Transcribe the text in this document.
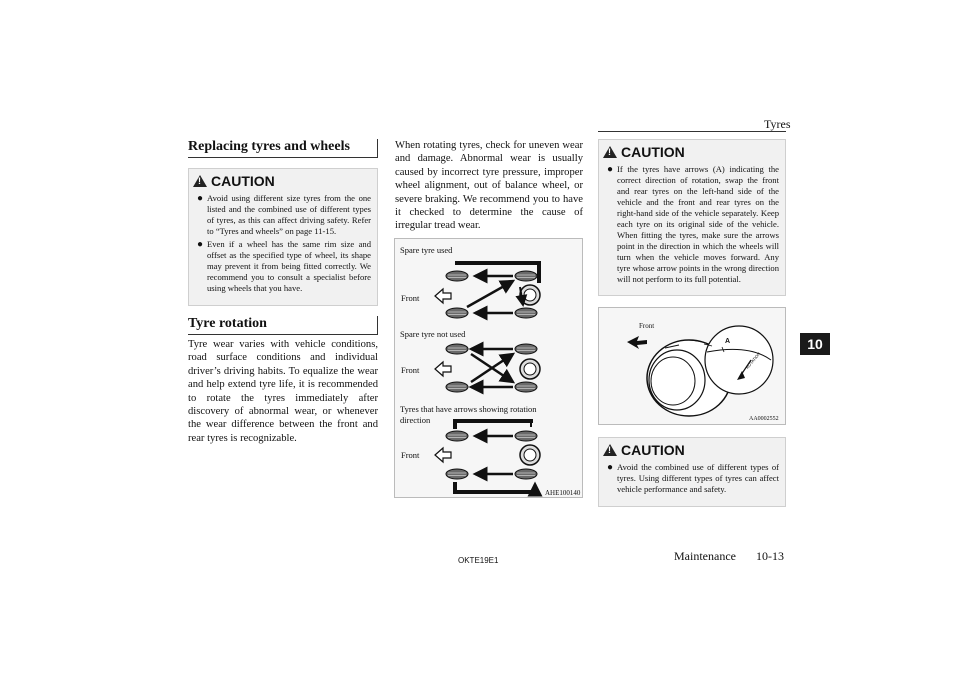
Tyres
Replacing tyres and wheels
!
CAUTION
● Avoid using different size tyres from the one listed and the combined use of different types of tyres, as this can affect driving safety. Refer to “Tyres and wheels” on page 11-15.
● Even if a wheel has the same rim size and offset as the specified type of wheel, its shape may prevent it from being fitted correctly. We recommend you to consult a specialist before using wheels that you have.
Tyre rotation
Tyre wear varies with vehicle conditions, road surface conditions and individual driver’s driving habits. To equalize the wear and help extend tyre life, it is recommended to rotate the tyres immediately after discovery of abnormal wear, or whenever the wear difference between the front and rear tyres is recognizable.
When rotating tyres, check for uneven wear and damage. Abnormal wear is usually caused by incorrect tyre pressure, improper wheel alignment, out of balance wheel, or severe braking. We recommend you to have it checked to determine the cause of irregular tread wear.
Spare tyre used
Front
Spare tyre not used
Front
Tyres that have arrows showing rotation direction
Front
AHE100140
!
CAUTION
● If the tyres have arrows (A) indicating the correct direction of rotation, swap the front and rear tyres on the left-hand side of the vehicle and the front and rear tyres on the right-hand side of the vehicle separately. Keep each tyre on its original side of the vehicle. When fitting the tyres, make sure the arrows point in the direction in which the wheels will turn when the vehicle moves forward. Any tyre whose arrow points in the wrong direction will not perform to its full potential.
Front
AA0002552
A
ROTATION
!
CAUTION
● Avoid the combined use of different types of tyres. Using different types of tyres can affect vehicle performance and safety.
10
OKTE19E1	Maintenance 10-13
